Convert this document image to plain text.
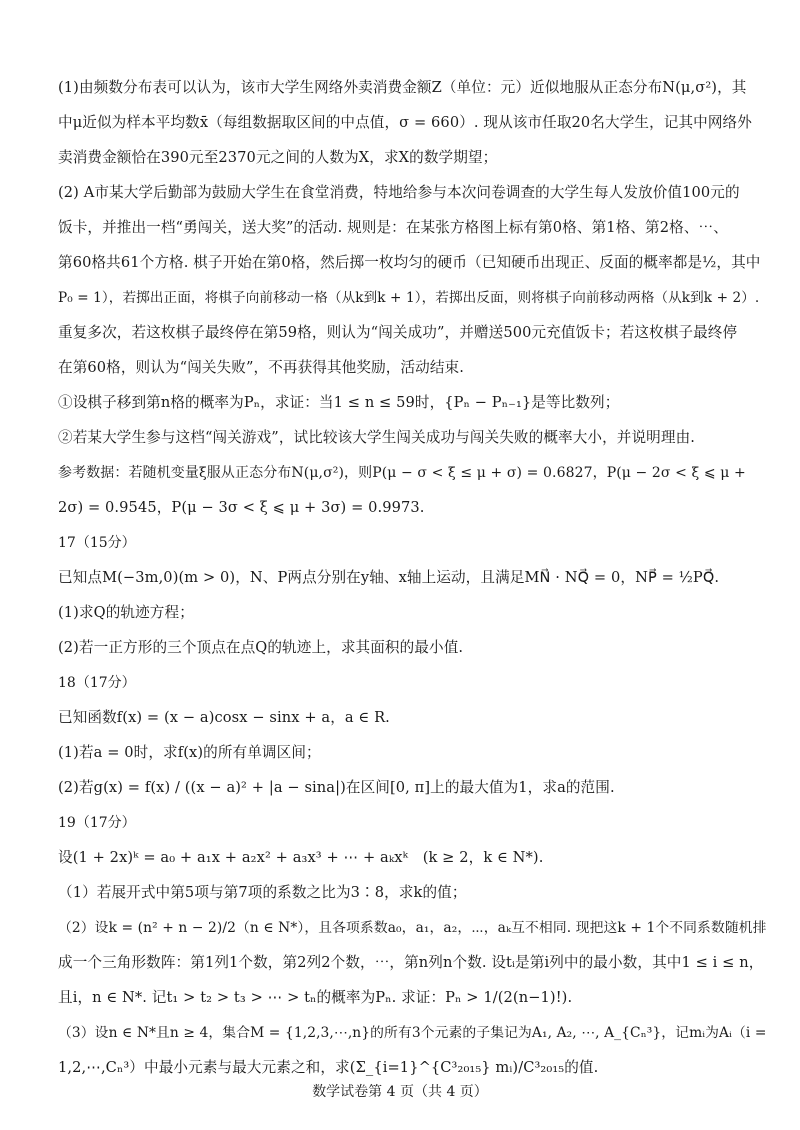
(1)由频数分布表可以认为，该市大学生网络外卖消费金额Z（单位：元）近似地服从正态分布N(μ,σ²)，其
中μ近似为样本平均数x̄（每组数据取区间的中点值，σ = 660）. 现从该市任取20名大学生，记其中网络外
卖消费金额恰在390元至2370元之间的人数为X，求X的数学期望；
(2) A市某大学后勤部为鼓励大学生在食堂消费，特地给参与本次问卷调查的大学生每人发放价值100元的
饭卡，并推出一档“勇闯关，送大奖”的活动. 规则是：在某张方格图上标有第0格、第1格、第2格、⋯、
第60格共61个方格. 棋子开始在第0格，然后掷一枚均匀的硬币（已知硬币出现正、反面的概率都是½，其中
P₀ = 1），若掷出正面，将棋子向前移动一格（从k到k + 1），若掷出反面，则将棋子向前移动两格（从k到k + 2）.
重复多次，若这枚棋子最终停在第59格，则认为“闯关成功”，并赠送500元充值饭卡；若这枚棋子最终停
在第60格，则认为“闯关失败”，不再获得其他奖励，活动结束.
①设棋子移到第n格的概率为Pₙ，求证：当1 ≤ n ≤ 59时，{Pₙ − Pₙ₋₁}是等比数列；
②若某大学生参与这档“闯关游戏”，试比较该大学生闯关成功与闯关失败的概率大小，并说明理由.
参考数据：若随机变量ξ服从正态分布N(μ,σ²)，则P(μ − σ < ξ ≤ μ + σ) = 0.6827，P(μ − 2σ < ξ ⩽ μ +
2σ) = 0.9545，P(μ − 3σ < ξ ⩽ μ + 3σ) = 0.9973.
17（15分）
已知点M(−3m,0)(m > 0)，N、P两点分别在y轴、x轴上运动，且满足MN⃗ · NQ⃗ = 0，NP⃗ = ½PQ⃗.
(1)求Q的轨迹方程；
(2)若一正方形的三个顶点在点Q的轨迹上，求其面积的最小值.
18（17分）
已知函数f(x) = (x − a)cosx − sinx + a，a ∈ R.
(1)若a = 0时，求f(x)的所有单调区间；
(2)若g(x) = f(x) / ((x − a)² + |a − sina|)在区间[0, π]上的最大值为1，求a的范围.
19（17分）
设(1 + 2x)ᵏ = a₀ + a₁x + a₂x² + a₃x³ + ⋯ + aₖxᵏ　(k ≥ 2，k ∈ N*).
（1）若展开式中第5项与第7项的系数之比为3∶8，求k的值；
（2）设k = (n² + n − 2)/2（n ∈ N*），且各项系数a₀，a₁，a₂，⋯，aₖ互不相同. 现把这k + 1个不同系数随机排
成一个三角形数阵：第1列1个数，第2列2个数，⋯，第n列n个数. 设tᵢ是第i列中的最小数，其中1 ≤ i ≤ n，
且i，n ∈ N*. 记t₁ > t₂ > t₃ > ⋯ > tₙ的概率为Pₙ. 求证：Pₙ > 1/(2(n−1)!).
（3）设n ∈ N*且n ≥ 4，集合M = {1,2,3,⋯,n}的所有3个元素的子集记为A₁, A₂, ⋯, A_{Cₙ³}，记mᵢ为Aᵢ（i =
1,2,⋯,Cₙ³）中最小元素与最大元素之和，求(Σ_{i=1}^{C³₂₀₁₅} mᵢ)/C³₂₀₁₅的值.
数学试卷第 4 页（共 4 页）
